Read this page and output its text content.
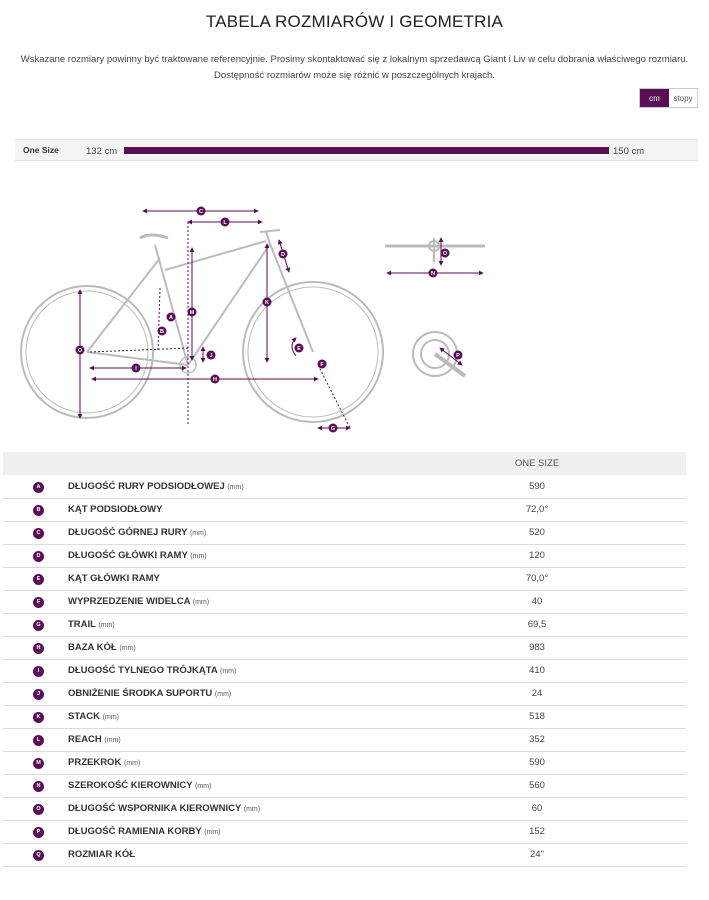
TABELA ROZMIARÓW I GEOMETRIA
Wskazane rozmiary powinny być traktowane referencyjnie. Prosimy skontaktować się z lokalnym sprzedawcą Giant i Liv w celu dobrania właściwego rozmiaru.
Dostępność rozmiarów może się różnić w poszczególnych krajach.
cm	stopy
One Size	132 cm	150 cm
C
L
D	O
N
M
K
A
B
O	E
J
F
P
I
H
G
		ONE SIZE
A	DŁUGOŚĆ RURY PODSIODŁOWEJ (mm)	590
B	KĄT PODSIODŁOWY	72,0°
C	DŁUGOŚĆ GÓRNEJ RURY (mm)	520
D	DŁUGOŚĆ GŁÓWKI RAMY (mm)	120
E	KĄT GŁÓWKI RAMY	70,0°
F	WYPRZEDZENIE WIDELCA (mm)	40
G	TRAIL (mm)	69,5
H	BAZA KÓŁ (mm)	983
I	DŁUGOŚĆ TYLNEGO TRÓJKĄTA (mm)	410
J	OBNIŻENIE ŚRODKA SUPORTU (mm)	24
K	STACK (mm)	518
L	REACH (mm)	352
M	PRZEKROK (mm)	590
N	SZEROKOŚĆ KIEROWNICY (mm)	560
O	DŁUGOŚĆ WSPORNIKA KIEROWNICY (mm)	60
P	DŁUGOŚĆ RAMIENIA KORBY (mm)	152
Q	ROZMIAR KÓŁ	24"
